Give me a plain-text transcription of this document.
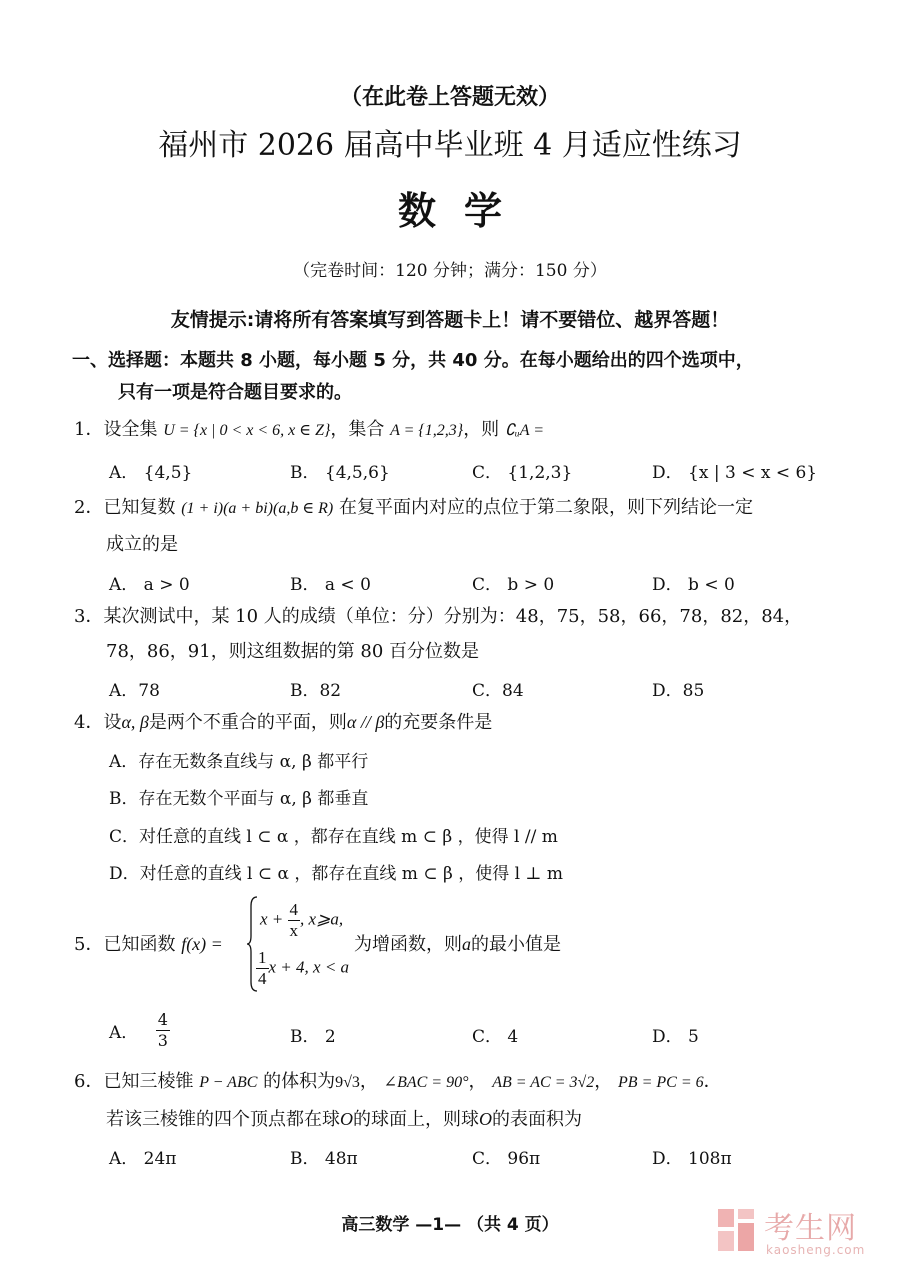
（在此卷上答题无效）
福州市 2026 届高中毕业班 4 月适应性练习
数学
（完卷时间：120 分钟；满分：150 分）
友情提示:请将所有答案填写到答题卡上！请不要错位、越界答题！
一、选择题：本题共 8 小题，每小题 5 分，共 40 分。在每小题给出的四个选项中，
只有一项是符合题目要求的。
1．设全集 U = {x | 0 < x < 6, x ∈ Z}，集合 A = {1,2,3}，则 ∁ᵤA =
A． {4,5}	B． {4,5,6}	C． {1,2,3}	D． {x | 3 < x < 6}
2．已知复数 (1 + i)(a + bi)(a,b ∈ R) 在复平面内对应的点位于第二象限，则下列结论一定
成立的是
A． a > 0	B． a < 0	C． b > 0	D． b < 0
3．某次测试中，某 10 人的成绩（单位：分）分别为：48，75，58，66，78，82，84，
78，86，91，则这组数据的第 80 百分位数是
A．78	B．82	C．84	D．85
4．设α, β是两个不重合的平面，则α // β的充要条件是
A．存在无数条直线与 α, β 都平行
B．存在无数个平面与 α, β 都垂直
C．对任意的直线 l ⊂ α ，都存在直线 m ⊂ β ，使得 l // m
D．对任意的直线 l ⊂ α ，都存在直线 m ⊂ β ，使得 l ⊥ m
5．已知函数 f(x) =
$x + \frac{4}{x}$ , x⩾a,
$\frac{1}{4}$ x + 4, x < a
为增函数，则a的最小值是
A． $\frac{4}{3}$	B． 2	C． 4	D． 5
6．已知三棱锥 P − ABC 的体积为9√3， ∠BAC = 90°， AB = AC = 3√2， PB = PC = 6．
若该三棱锥的四个顶点都在球O的球面上，则球O的表面积为
A． 24π	B． 48π	C． 96π	D． 108π
高三数学 —1— （共 4 页）	考生网
kaosheng.com
